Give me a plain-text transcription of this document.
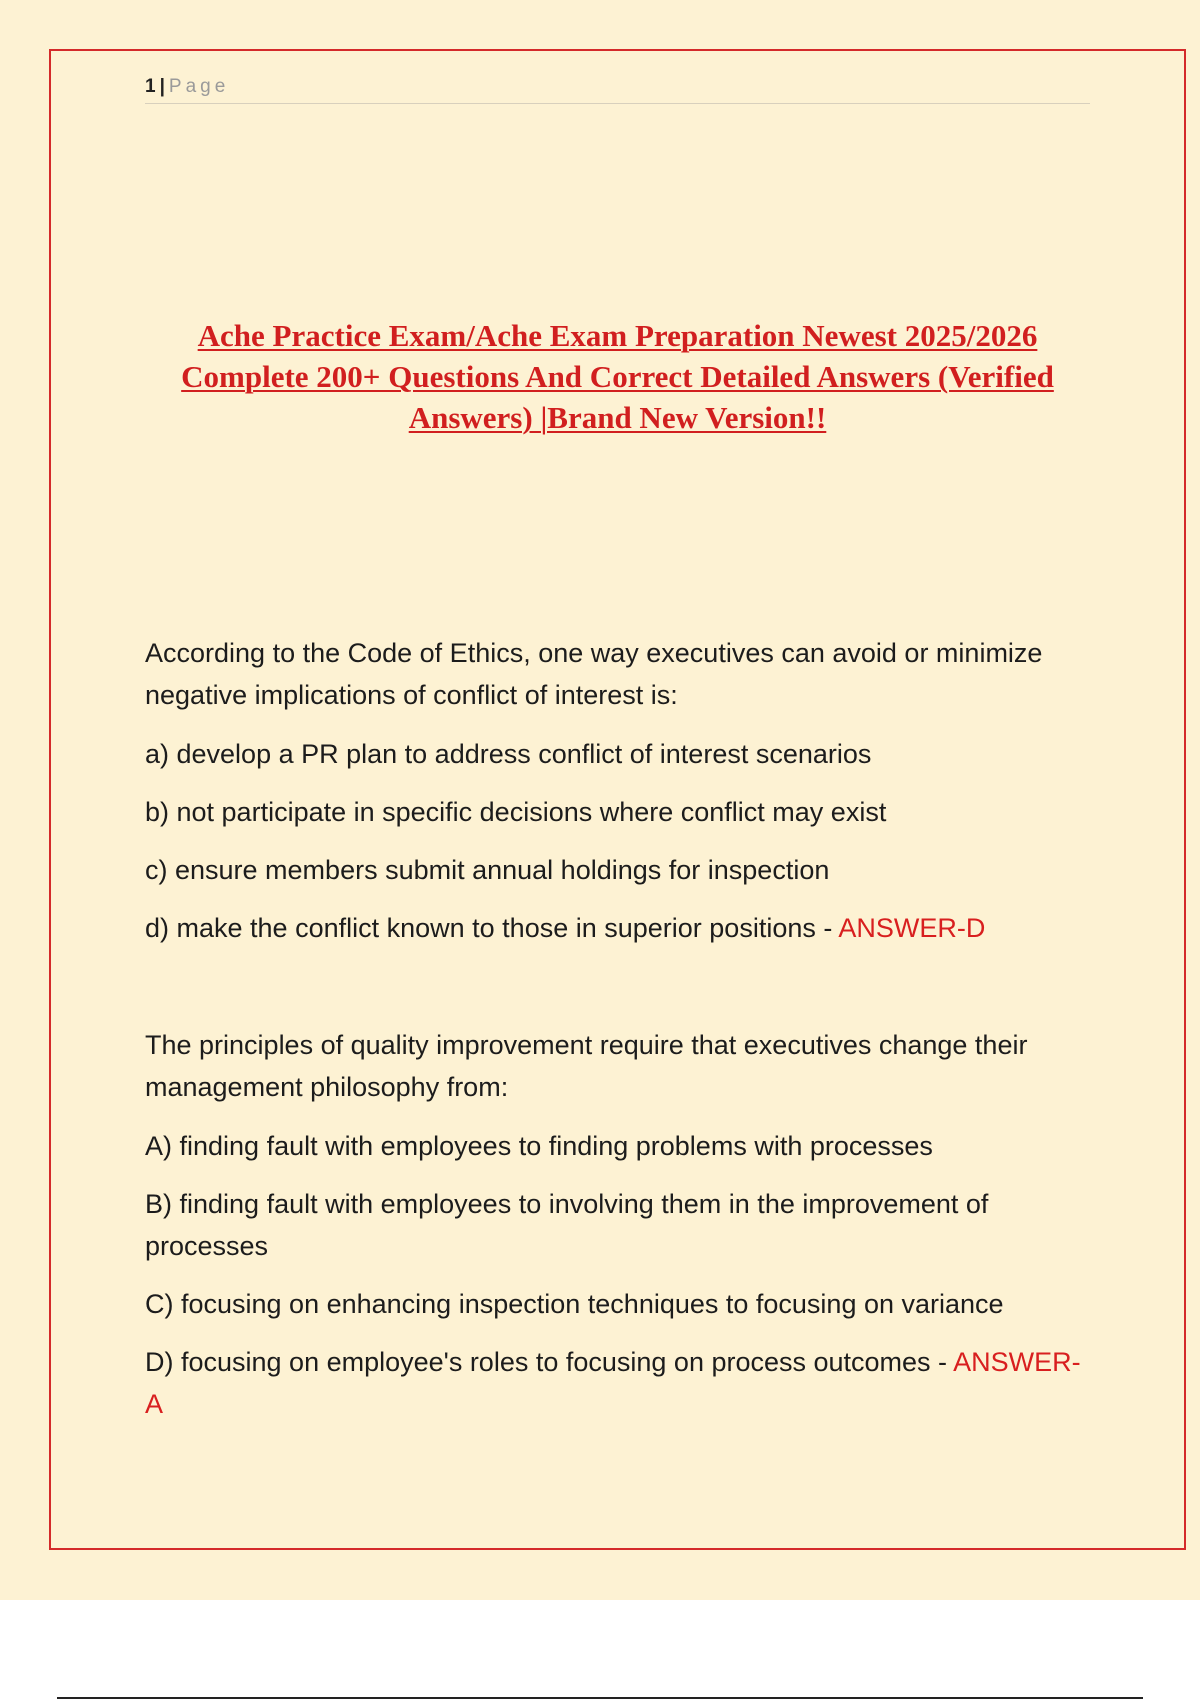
1 | Page
Ache Practice Exam/Ache Exam Preparation Newest 2025/2026 Complete 200+ Questions And Correct Detailed Answers (Verified Answers) |Brand New Version!!

According to the Code of Ethics, one way executives can avoid or minimize negative implications of conflict of interest is:

a) develop a PR plan to address conflict of interest scenarios

b) not participate in specific decisions where conflict may exist

c) ensure members submit annual holdings for inspection

d) make the conflict known to those in superior positions - ANSWER-D

The principles of quality improvement require that executives change their management philosophy from:

A) finding fault with employees to finding problems with processes

B) finding fault with employees to involving them in the improvement of processes

C) focusing on enhancing inspection techniques to focusing on variance

D) focusing on employee's roles to focusing on process outcomes - ANSWER-A
